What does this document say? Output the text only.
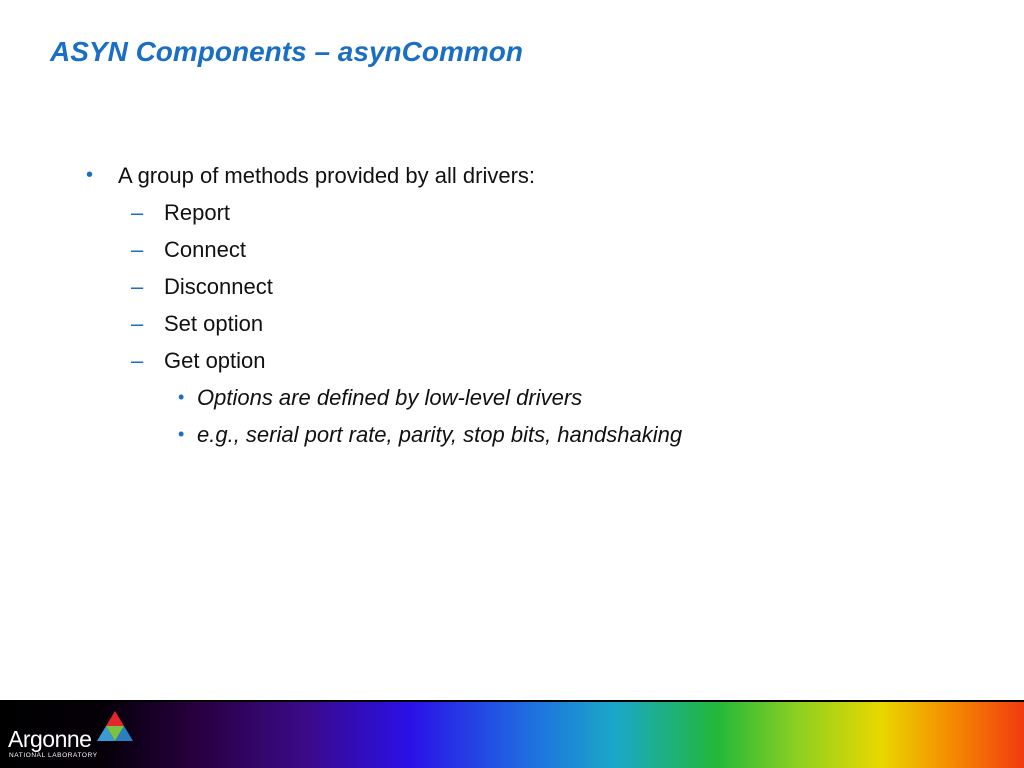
ASYN Components – asynCommon
• A group of methods provided by all drivers:
– Report
– Connect
– Disconnect
– Set option
– Get option
• Options are defined by low-level drivers
• e.g., serial port rate, parity, stop bits, handshaking
Argonne
NATIONAL LABORATORY
